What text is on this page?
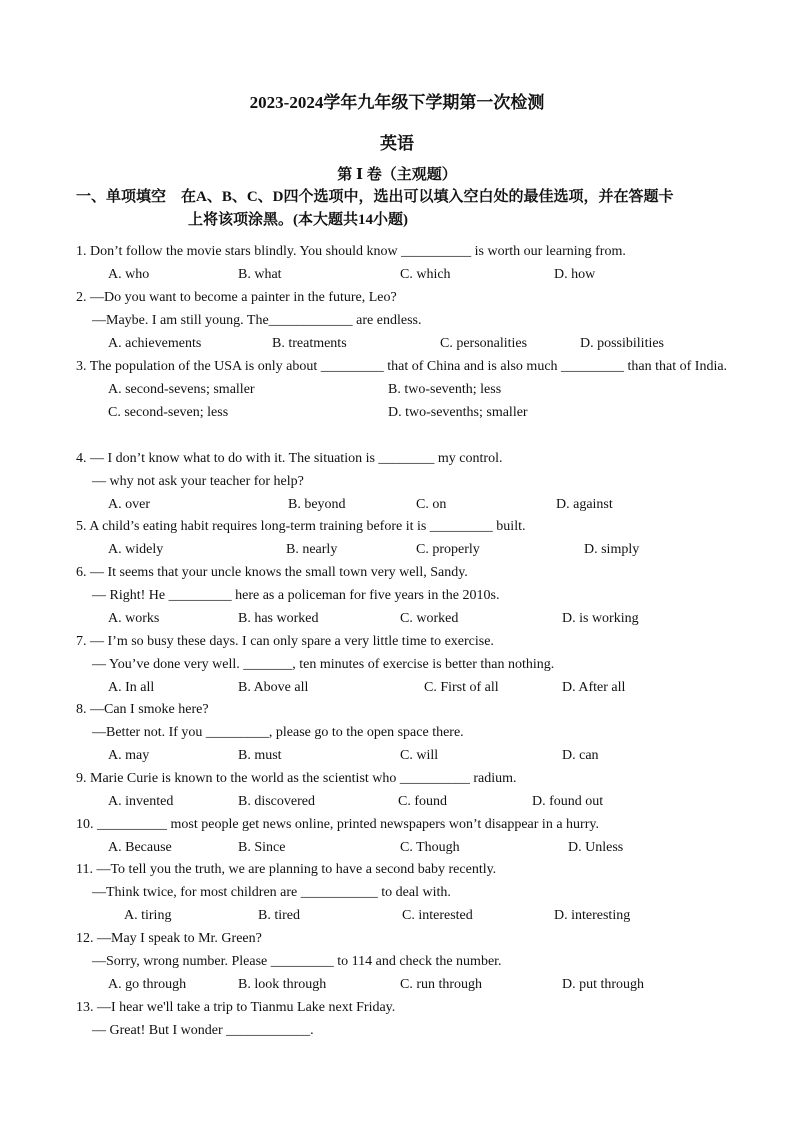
2023-2024学年九年级下学期第一次检测
英语
第 Ⅰ 卷（主观题）
一、单项填空　在A、B、C、D四个选项中，选出可以填入空白处的最佳选项，并在答题卡
上将该项涂黑。(本大题共14小题)
1. Don’t follow the movie stars blindly. You should know __________ is worth our learning from.
A. who	B. what	C. which	D. how
2. —Do you want to become a painter in the future, Leo?
—Maybe. I am still young. The____________ are endless.
A. achievements	B. treatments	C. personalities	D. possibilities
3. The population of the USA is only about _________ that of China and is also much _________ than that of India.
A. second-sevens; smaller	B. two-seventh; less
C. second-seven; less	D. two-sevenths; smaller
4. — I don’t know what to do with it. The situation is ________ my control.
— why not ask your teacher for help?
A. over	B. beyond	C. on	D. against
5. A child’s eating habit requires long-term training before it is _________ built.
A. widely	B. nearly	C. properly	D. simply
6. — It seems that your uncle knows the small town very well, Sandy.
— Right! He _________ here as a policeman for five years in the 2010s.
A. works	B. has worked	C. worked	D. is working
7. — I’m so busy these days. I can only spare a very little time to exercise.
— You’ve done very well. _______, ten minutes of exercise is better than nothing.
A. In all	B. Above all	C. First of all	D. After all
8. —Can I smoke here?
—Better not. If you _________, please go to the open space there.
A. may	B. must	C. will	D. can
9. Marie Curie is known to the world as the scientist who __________ radium.
A. invented	B. discovered	C. found	D. found out
10. __________ most people get news online, printed newspapers won’t disappear in a hurry.
A. Because	B. Since	C. Though	D. Unless
11. —To tell you the truth, we are planning to have a second baby recently.
—Think twice, for most children are ___________ to deal with.
A. tiring	B. tired	C. interested	D. interesting
12. —May I speak to Mr. Green?
—Sorry, wrong number. Please _________ to 114 and check the number.
A. go through	B. look through	C. run through	D. put through
13. —I hear we'll take a trip to Tianmu Lake next Friday.
— Great! But I wonder ____________.
